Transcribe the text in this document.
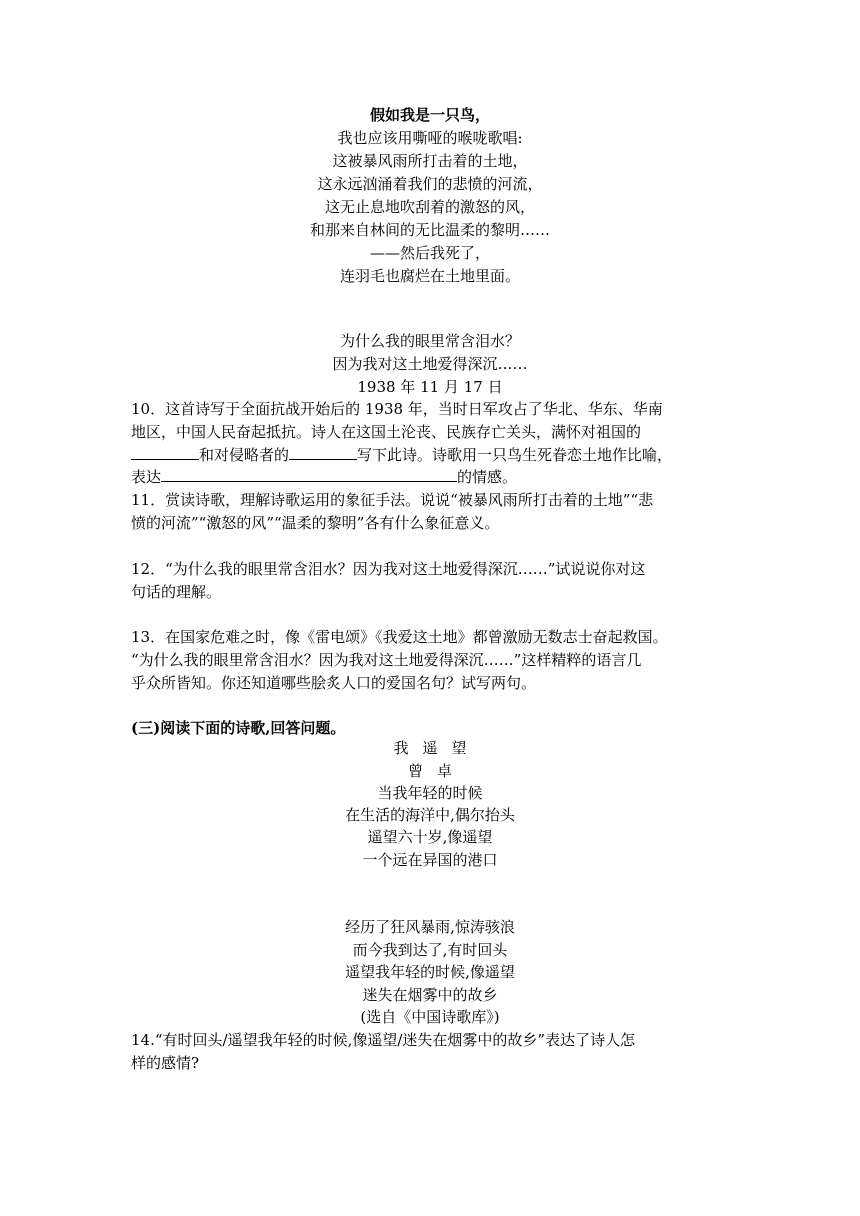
假如我是一只鸟，
我也应该用嘶哑的喉咙歌唱:
这被暴风雨所打击着的土地，
这永远汹涌着我们的悲愤的河流，
这无止息地吹刮着的激怒的风，
和那来自林间的无比温柔的黎明……
——然后我死了，
连羽毛也腐烂在土地里面。
为什么我的眼里常含泪水？
因为我对这土地爱得深沉……
1938 年 11 月 17 日
10．这首诗写于全面抗战开始后的 1938 年，当时日军攻占了华北、华东、华南
地区，中国人民奋起抵抗。诗人在这国土沦丧、民族存亡关头，满怀对祖国的
和对侵略者的	写下此诗。诗歌用一只鸟生死眷恋土地作比喻，
表达	的情感。
11．赏读诗歌，理解诗歌运用的象征手法。说说“被暴风雨所打击着的土地”“悲
愤的河流”“激怒的风”“温柔的黎明”各有什么象征意义。
12．“为什么我的眼里常含泪水？因为我对这土地爱得深沉……”试说说你对这
句话的理解。
13．在国家危难之时，像《雷电颂》《我爱这土地》都曾激励无数志士奋起救国。
“为什么我的眼里常含泪水？因为我对这土地爱得深沉……”这样精粹的语言几
乎众所皆知。你还知道哪些脍炙人口的爱国名句？试写两句。
(三)阅读下面的诗歌,回答问题。
我遥望
曾卓
当我年轻的时候
在生活的海洋中,偶尔抬头
遥望六十岁,像遥望
一个远在异国的港口
经历了狂风暴雨,惊涛骇浪
而今我到达了,有时回头
遥望我年轻的时候,像遥望
迷失在烟雾中的故乡
(选自《中国诗歌库》)
14.“有时回头/遥望我年轻的时候,像遥望/迷失在烟雾中的故乡”表达了诗人怎
样的感情?
